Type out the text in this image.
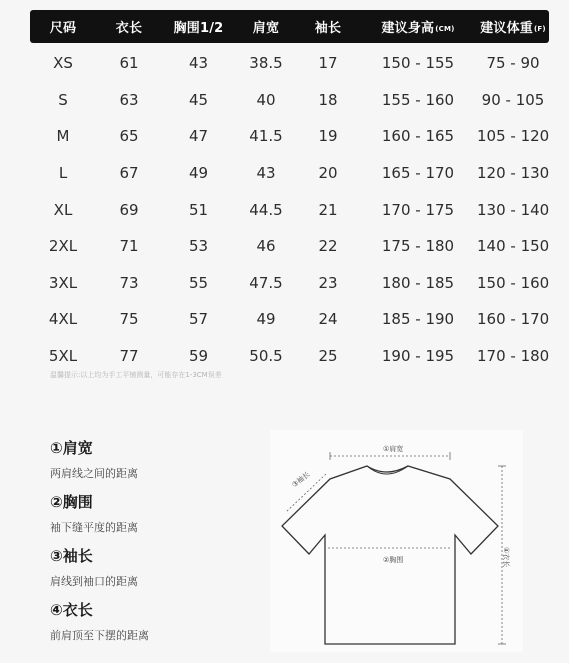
尺码	衣长	胸围1/2	肩宽	袖长	建议身高(CM)	建议体重(F)
XS	61	43	38.5	17	150 - 155	75 - 90
S	63	45	40	18	155 - 160	90 - 105
M	65	47	41.5	19	160 - 165	105 - 120
L	67	49	43	20	165 - 170	120 - 130
XL	69	51	44.5	21	170 - 175	130 - 140
2XL	71	53	46	22	175 - 180	140 - 150
3XL	73	55	47.5	23	180 - 185	150 - 160
4XL	75	57	49	24	185 - 190	160 - 170
5XL	77	59	50.5	25	190 - 195	170 - 180
温馨提示:以上均为手工平铺测量，可能存在1-3CM误差
①肩宽
两肩线之间的距离
②胸围
袖下缝平度的距离
③袖长
肩线到袖口的距离
④衣长
前肩顶至下摆的距离
①肩宽
③袖长
②胸围	④衣长
